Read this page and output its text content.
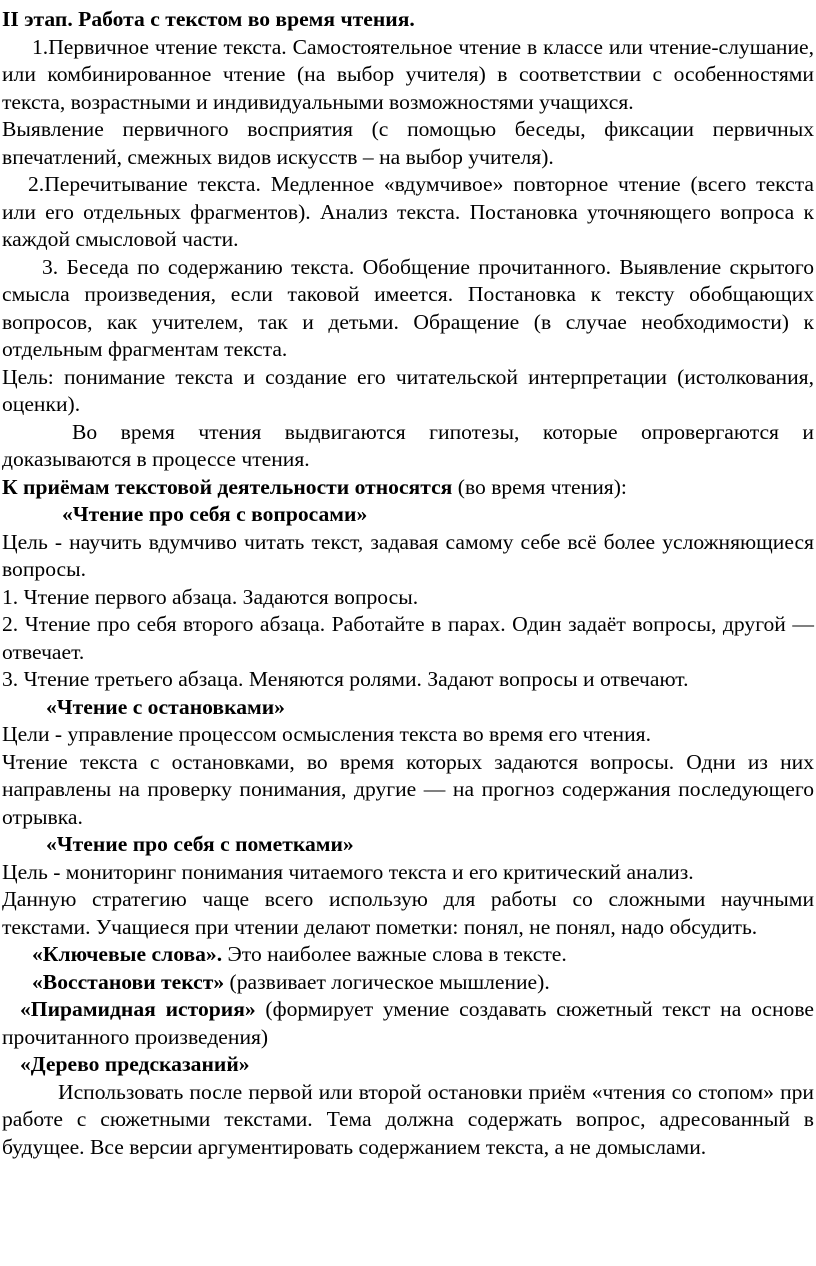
II этап. Работа с текстом во время чтения.

1.Первичное чтение текста. Самостоятельное чтение в классе или чтение-слушание, или комбинированное чтение (на выбор учителя) в соответствии с особенностями текста, возрастными и индивидуальными возможностями учащихся.

Выявление первичного восприятия (с помощью беседы, фиксации первичных впечатлений, смежных видов искусств – на выбор учителя).

2.Перечитывание текста. Медленное «вдумчивое» повторное чтение (всего текста или его отдельных фрагментов). Анализ текста. Постановка уточняющего вопроса к каждой смысловой части.

3. Беседа по содержанию текста. Обобщение прочитанного. Выявление скрытого смысла произведения, если таковой имеется. Постановка к тексту обобщающих вопросов, как учителем, так и детьми. Обращение (в случае необходимости) к отдельным фрагментам текста.

Цель: понимание текста и создание его читательской интерпретации (истолкования, оценки).

Во время чтения выдвигаются гипотезы, которые опровергаются и доказываются в процессе чтения.

К приёмам текстовой деятельности относятся (во время чтения):

«Чтение про себя с вопросами»

Цель - научить вдумчиво читать текст, задавая самому себе всё более усложняющиеся вопросы.

1. Чтение первого абзаца. Задаются вопросы.

2. Чтение про себя второго абзаца. Работайте в парах. Один задаёт вопросы, другой — отвечает.

3. Чтение третьего абзаца. Меняются ролями. Задают вопросы и отвечают.

«Чтение с остановками»

Цели - управление процессом осмысления текста во время его чтения.

Чтение текста с остановками, во время которых задаются вопросы. Одни из них направлены на проверку понимания, другие — на прогноз содержания последующего отрывка.

«Чтение про себя с пометками»

Цель - мониторинг понимания читаемого текста и его критический анализ.

Данную стратегию чаще всего использую для работы со сложными научными текстами. Учащиеся при чтении делают пометки: понял, не понял, надо обсудить.

«Ключевые слова». Это наиболее важные слова в тексте.

«Восстанови текст» (развивает логическое мышление).

«Пирамидная история» (формирует умение создавать сюжетный текст на основе прочитанного произведения)

«Дерево предсказаний»

Использовать после первой или второй остановки приём «чтения со стопом» при работе с сюжетными текстами. Тема должна содержать вопрос, адресованный в будущее. Все версии аргументировать содержанием текста, а не домыслами.
